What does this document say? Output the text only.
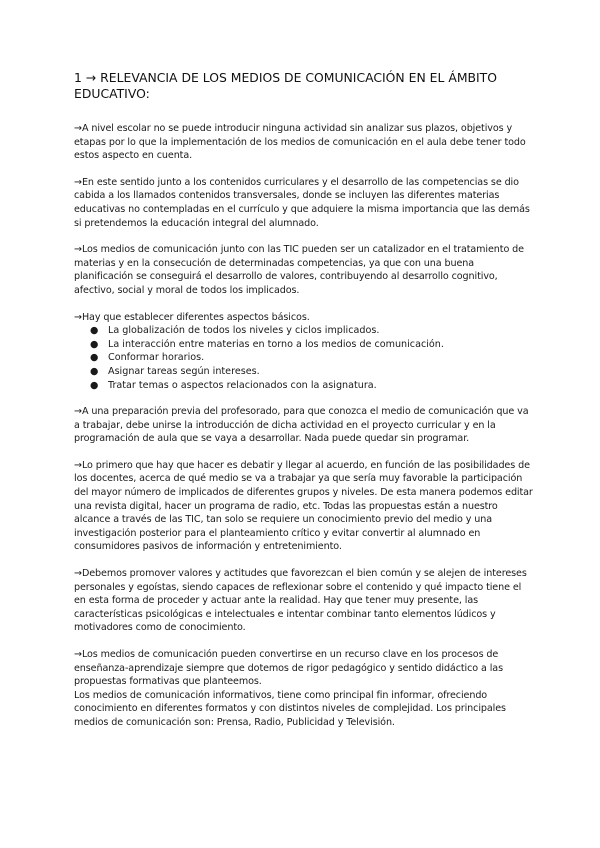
1 → RELEVANCIA DE LOS MEDIOS DE COMUNICACIÓN EN EL ÁMBITO EDUCATIVO:

→A nivel escolar no se puede introducir ninguna actividad sin analizar sus plazos, objetivos y etapas por lo que la implementación de los medios de comunicación en el aula debe tener todo estos aspecto en cuenta.

→En este sentido junto a los contenidos curriculares y el desarrollo de las competencias se dio cabida a los llamados contenidos transversales, donde se incluyen las diferentes materias educativas no contempladas en el currículo y que adquiere la misma importancia que las demás si pretendemos la educación integral del alumnado.

→Los medios de comunicación junto con las TIC pueden ser un catalizador en el tratamiento de materias y en la consecución de determinadas competencias, ya que con una buena planificación se conseguirá el desarrollo de valores, contribuyendo al desarrollo cognitivo, afectivo, social y moral de todos los implicados.

→Hay que establecer diferentes aspectos básicos.

● La globalización de todos los niveles y ciclos implicados.
● La interacción entre materias en torno a los medios de comunicación.
● Conformar horarios.
● Asignar tareas según intereses.
● Tratar temas o aspectos relacionados con la asignatura.

→A una preparación previa del profesorado, para que conozca el medio de comunicación que va a trabajar, debe unirse la introducción de dicha actividad en el proyecto curricular y en la programación de aula que se vaya a desarrollar. Nada puede quedar sin programar.

→Lo primero que hay que hacer es debatir y llegar al acuerdo, en función de las posibilidades de los docentes, acerca de qué medio se va a trabajar ya que sería muy favorable la participación del mayor número de implicados de diferentes grupos y niveles. De esta manera podemos editar una revista digital, hacer un programa de radio, etc. Todas las propuestas están a nuestro alcance a través de las TIC, tan solo se requiere un conocimiento previo del medio y una investigación posterior para el planteamiento crítico y evitar convertir al alumnado en consumidores pasivos de información y entretenimiento.

→Debemos promover valores y actitudes que favorezcan el bien común y se alejen de intereses personales y egoístas, siendo capaces de reflexionar sobre el contenido y qué impacto tiene el en esta forma de proceder y actuar ante la realidad. Hay que tener muy presente, las características psicológicas e intelectuales e intentar combinar tanto elementos lúdicos y motivadores como de conocimiento.

→Los medios de comunicación pueden convertirse en un recurso clave en los procesos de enseñanza-aprendizaje siempre que dotemos de rigor pedagógico y sentido didáctico a las propuestas formativas que planteemos.

Los medios de comunicación informativos, tiene como principal fin informar, ofreciendo conocimiento en diferentes formatos y con distintos niveles de complejidad. Los principales medios de comunicación son: Prensa, Radio, Publicidad y Televisión.
